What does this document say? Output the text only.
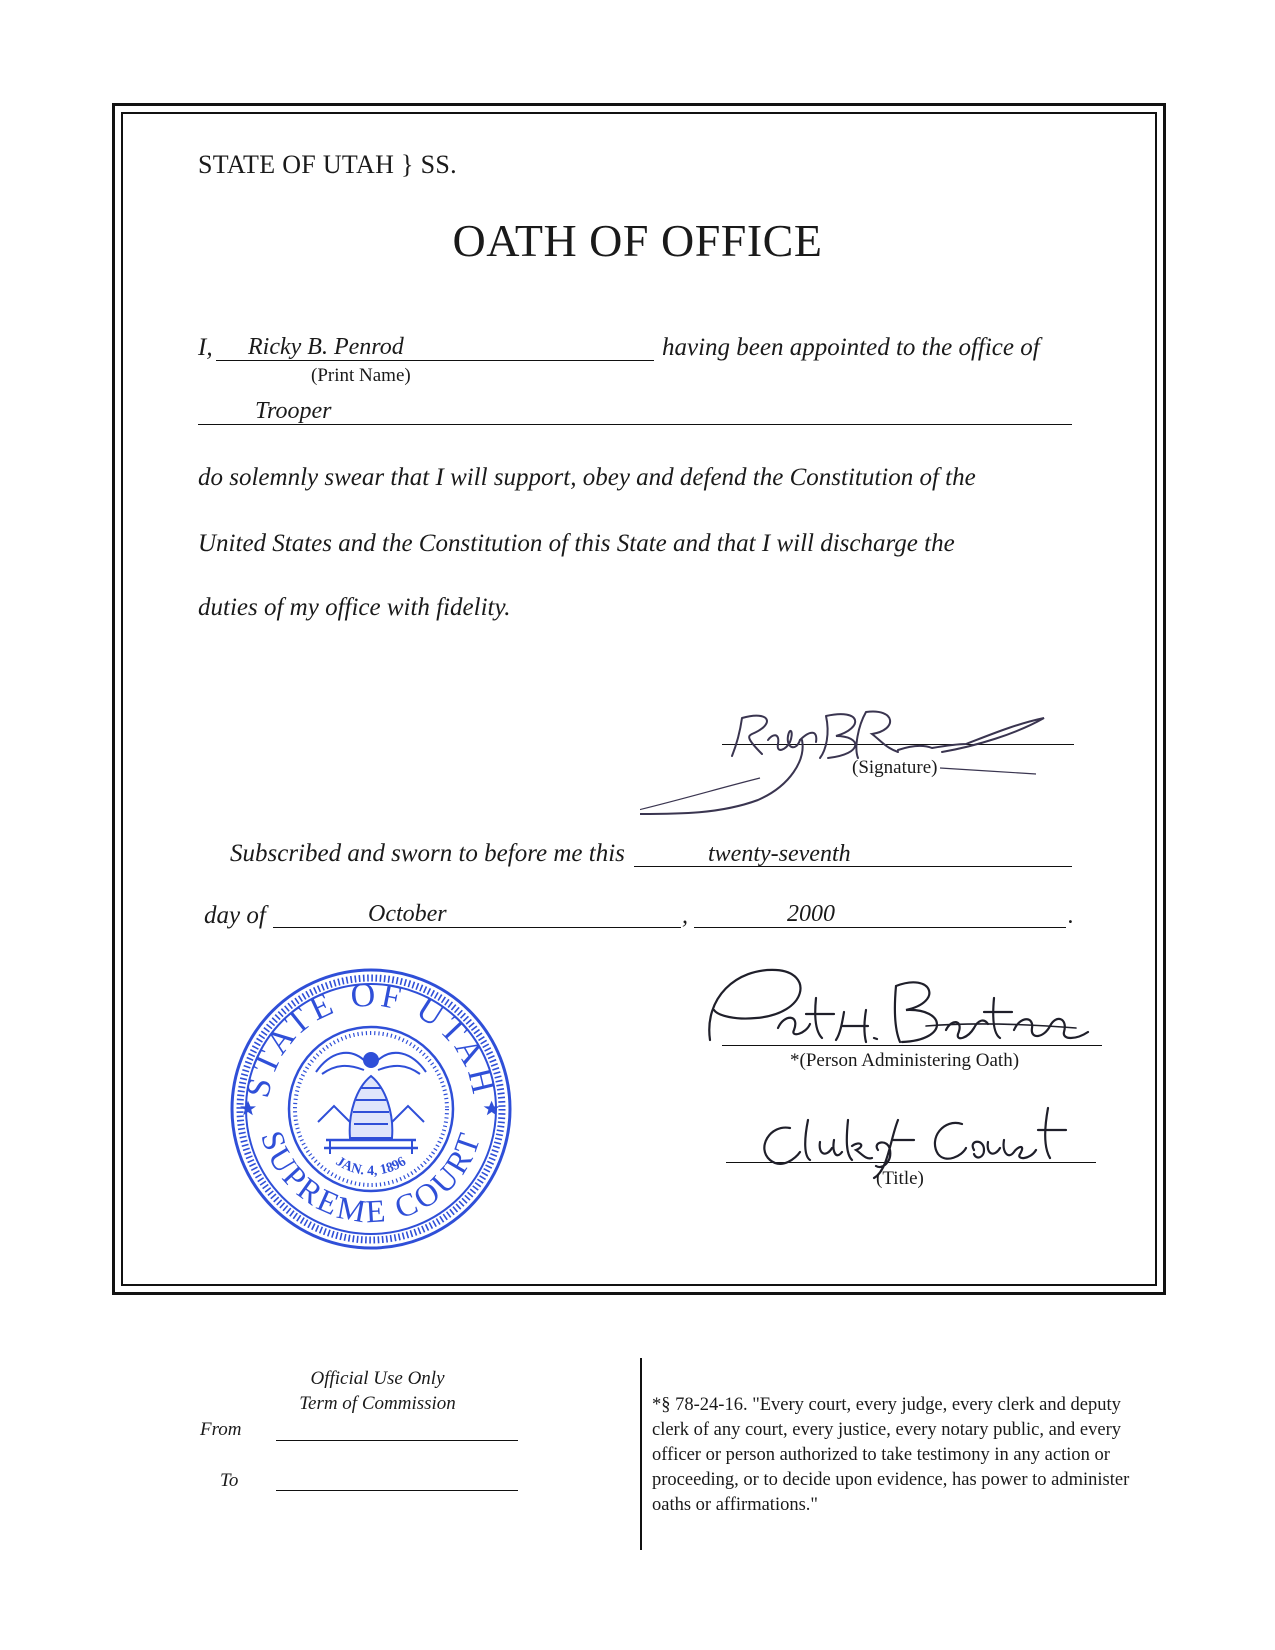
STATE OF UTAH } SS.
OATH OF OFFICE
I, Ricky B. Penrod	having been appointed to the office of
(Print Name)
Trooper
do solemnly swear that I will support, obey and defend the Constitution of the
United States and the Constitution of this State and that I will discharge the
duties of my office with fidelity.
(Signature)
Subscribed and sworn to before me this	twenty-seventh
day of	October	,	2000	.
STATE OF UTAH
SUPREME COURT
JAN. 4, 1896
*(Person Administering Oath)
(Title)
Official Use Only
Term of Commission
From
To
*§ 78-24-16. "Every court, every judge, every clerk and deputy clerk of any court, every justice, every notary public, and every officer or person authorized to take testimony in any action or proceeding, or to decide upon evidence, has power to administer oaths or affirmations."
